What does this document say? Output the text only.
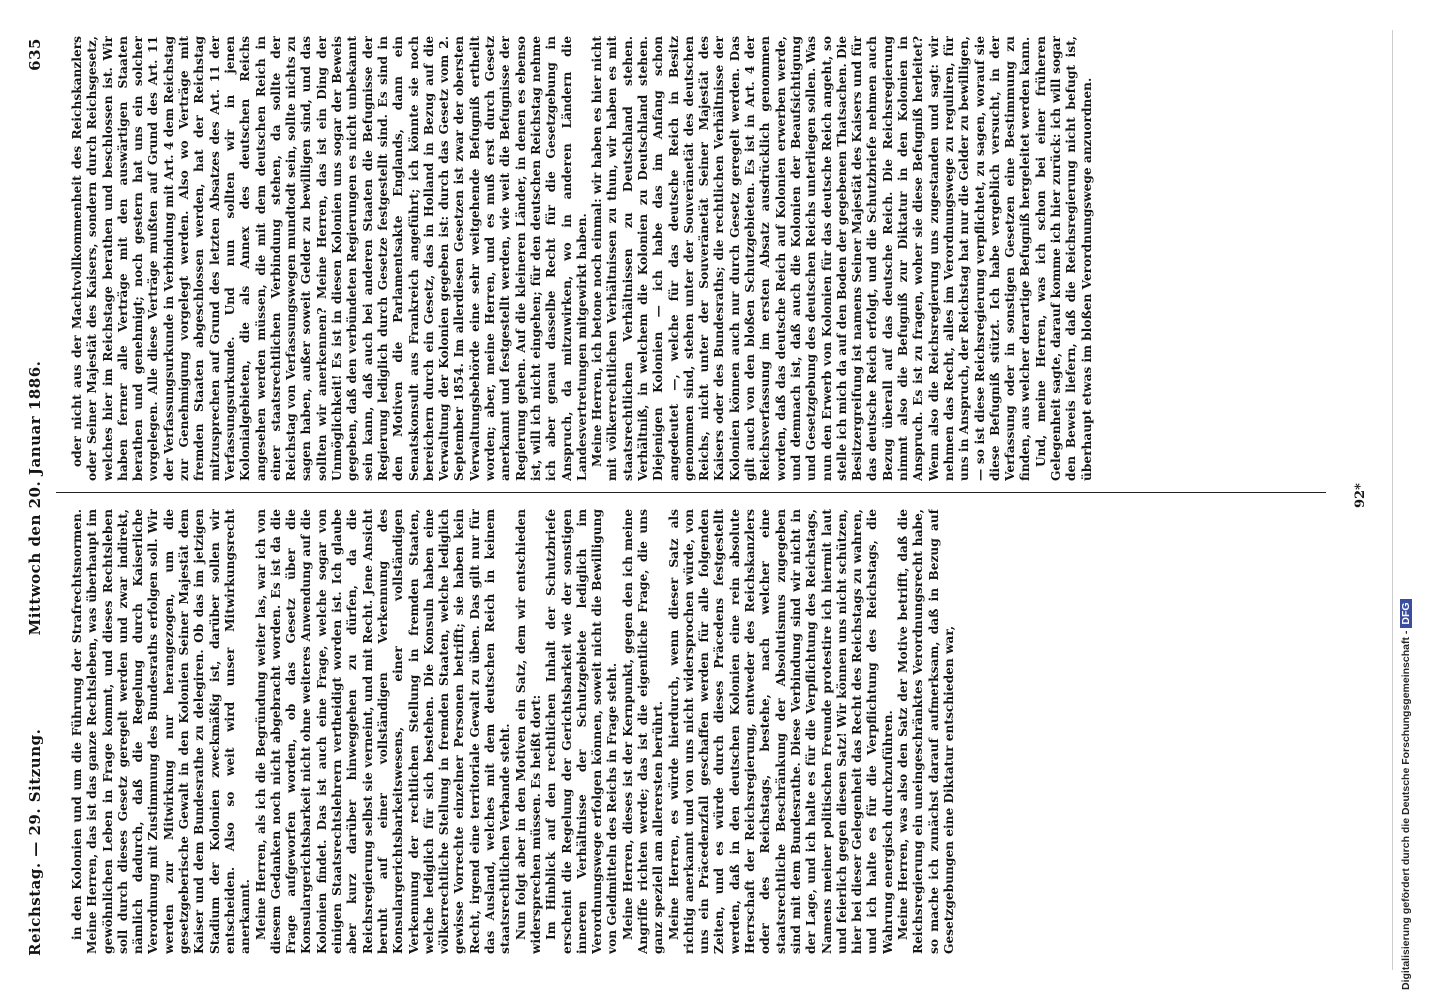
Reichstag. — 29. Sitzung.
Mittwoch den 20. Januar 1886.
635

in den Kolonien und um die Führung der Strafrechtsnormen. Meine Herren, das ist das ganze Rechtsleben, was überhaupt im gewöhnlichen Leben in Frage kommt, und dieses Rechtsleben soll durch dieses Gesetz geregelt werden und zwar indirekt, nämlich dadurch, daß die Regelung durch Kaiserliche Verordnung mit Zustimmung des Bundesraths erfolgen soll. Wir werden zur Mitwirkung nur herangezogen, um die gesetzgeberische Gewalt in den Kolonien Seiner Majestät dem Kaiser und dem Bundesrathe zu delegiren. Ob das im jetzigen Stadium der Kolonien zweckmäßig ist, darüber sollen wir entscheiden. Also so weit wird unser Mitwirkungsrecht anerkannt. Meine Herren, als ich die Begründung weiter las, war ich von diesem Gedanken noch nicht abgebracht worden. Es ist da die Frage aufgeworfen worden, ob das Gesetz über die Konsulargerichtsbarkeit nicht ohne weiteres Anwendung auf die Kolonien findet. Das ist auch eine Frage, welche sogar von einigen Staatsrechtslehrern vertheidigt worden ist. Ich glaube aber kurz darüber hinweggehen zu dürfen, da die Reichsregierung selbst sie verneint, und mit Recht. Jene Ansicht beruht auf einer vollständigen Verkennung des Konsulargerichtsbarkeitswesens, einer vollständigen Verkennung der rechtlichen Stellung in fremden Staaten, welche lediglich für sich bestehen. Die Konsuln haben eine völkerrechtliche Stellung in fremden Staaten, welche lediglich gewisse Vorrechte einzelner Personen betrifft; sie haben kein Recht, irgend eine territoriale Gewalt zu üben. Das gilt nur für das Ausland, welches mit dem deutschen Reich in keinem staatsrechtlichen Verbande steht. Nun folgt aber in den Motiven ein Satz, dem wir entschieden widersprechen müssen. Es heißt dort: Im Hinblick auf den rechtlichen Inhalt der Schutzbriefe erscheint die Regelung der Gerichtsbarkeit wie der sonstigen inneren Verhältnisse der Schutzgebiete lediglich im Verordnungswege erfolgen können, soweit nicht die Bewilligung von Geldmitteln des Reichs in Frage steht. Meine Herren, dieses ist der Kernpunkt, gegen den ich meine Angriffe richten werde; das ist die eigentliche Frage, die uns ganz speziell am allerersten berührt. Meine Herren, es würde hierdurch, wenn dieser Satz als richtig anerkannt und von uns nicht widersprochen würde, von uns ein Präcedenzfall geschaffen werden für alle folgenden Zeiten, und es würde durch dieses Präcedens festgestellt werden, daß in den deutschen Kolonien eine rein absolute Herrschaft der Reichsregierung, entweder des Reichskanzlers oder des Reichstags, bestehe, nach welcher eine staatsrechtliche Beschränkung der Absolutismus zugegeben sind mit dem Bundesrathe. Diese Verbindung sind wir nicht in der Lage, und ich halte es für die Verpflichtung des Reichstags, Namens meiner politischen Freunde protestire ich hiermit laut und feierlich gegen diesen Satz! Wir können uns nicht schützen, hier bei dieser Gelegenheit das Recht des Reichstags zu wahren, und ich halte es für die Verpflichtung des Reichstags, die Wahrung energisch durchzuführen. Meine Herren, was also den Satz der Motive betrifft, daß die Reichsregierung ein uneingeschränktes Verordnungsrecht habe, so mache ich zunächst darauf aufmerksam, daß in Bezug auf Gesetzgebungen eine Diktatur entschieden war,

oder nicht aus der Machtvollkommenheit des Reichskanzlers oder Seiner Majestät des Kaisers, sondern durch Reichsgesetz, welches hier im Reichstage berathen und beschlossen ist. Wir haben ferner alle Verträge mit den auswärtigen Staaten berathen und genehmigt; noch gestern hat uns ein solcher vorgelegen. Alle diese Verträge mußten auf Grund des Art. 11 der Verfassungsurkunde in Verbindung mit Art. 4 dem Reichstag zur Genehmigung vorgelegt werden. Also wo Verträge mit fremden Staaten abgeschlossen werden, hat der Reichstag mitzusprechen auf Grund des letzten Absatzes des Art. 11 der Verfassungsurkunde. Und nun sollten wir in jenen Kolonialgebieten, die als Annex des deutschen Reichs angesehen werden müssen, die mit dem deutschen Reich in einer staatsrechtlichen Verbindung stehen, da sollte der Reichstag von Verfassungswegen mundtodt sein, sollte nichts zu sagen haben, außer soweit Gelder zu bewilligen sind, und das sollten wir anerkennen? Meine Herren, das ist ein Ding der Unmöglichkeit! Es ist in diesen Kolonien uns sogar der Beweis gegeben, daß den verbündeten Regierungen es nicht unbekannt sein kann, daß auch bei anderen Staaten die Befugnisse der Regierung lediglich durch Gesetze festgestellt sind. Es sind in den Motiven die Parlamentsakte Englands, dann ein Senatskonsult aus Frankreich angeführt; ich könnte sie noch bereichern durch ein Gesetz, das in Holland in Bezug auf die Verwaltung der Kolonien gegeben ist: durch das Gesetz vom 2. September 1854. Im allerdiesen Gesetzen ist zwar der obersten Verwaltungsbehörde eine sehr weitgehende Befugniß ertheilt worden; aber, meine Herren, und es muß erst durch Gesetz anerkannt und festgestellt werden, wie weit die Befugnisse der Regierung gehen. Auf die kleineren Länder, in denen es ebenso ist, will ich nicht eingehen; für den deutschen Reichstag nehme ich aber genau dasselbe Recht für die Gesetzgebung in Anspruch, da mitzuwirken, wo in anderen Ländern die Landesvertretungen mitgewirkt haben. Meine Herren, ich betone noch einmal: wir haben es hier nicht mit völkerrechtlichen Verhältnissen zu thun, wir haben es mit staatsrechtlichen Verhältnissen zu Deutschland stehen. Verhältniß, in welchem die Kolonien zu Deutschland stehen. Diejenigen Kolonien — ich habe das im Anfang schon angedeutet —, welche für das deutsche Reich in Besitz genommen sind, stehen unter der Souveränetät des deutschen Reichs, nicht unter der Souveränetät Seiner Majestät des Kaisers oder des Bundesraths; die rechtlichen Verhältnisse der Kolonien können auch nur durch Gesetz geregelt werden. Das gilt auch von den bloßen Schutzgebieten. Es ist in Art. 4 der Reichsverfassung im ersten Absatz ausdrücklich genommen worden, daß das deutsche Reich auf Kolonien erwerben werde, und demnach ist, daß auch die Kolonien der Beaufsichtigung und Gesetzgebung des deutschen Reichs unterliegen sollen. Was nun den Erwerb von Kolonien für das deutsche Reich angeht, so stelle ich mich da auf den Boden der gegebenen Thatsachen. Die Besitzergreifung ist namens Seiner Majestät des Kaisers und für das deutsche Reich erfolgt, und die Schutzbriefe nehmen auch Bezug überall auf das deutsche Reich. Die Reichsregierung nimmt also die Befugniß zur Diktatur in den Kolonien in Anspruch. Es ist zu fragen, woher sie diese Befugniß herleitet? Wenn also die Reichsregierung uns zugestanden und sagt: wir nehmen das Recht, alles im Verordnungswege zu reguliren, für uns in Anspruch, der Reichstag hat nur die Gelder zu bewilligen, — so ist diese Reichsregierung verpflichtet, zu sagen, worauf sie diese Befugniß stützt. Ich habe vergeblich versucht, in der Verfassung oder in sonstigen Gesetzen eine Bestimmung zu finden, aus welcher derartige Befugniß hergeleitet werden kann. Und, meine Herren, was ich schon bei einer früheren Gelegenheit sagte, darauf komme ich hier zurück: ich will sogar den Beweis liefern, daß die Reichsregierung nicht befugt ist, überhaupt etwas im bloßen Verordnungswege anzuordnen.

92*
Digitalisierung gefördert durch die Deutsche Forschungsgemeinschaft -DFG
